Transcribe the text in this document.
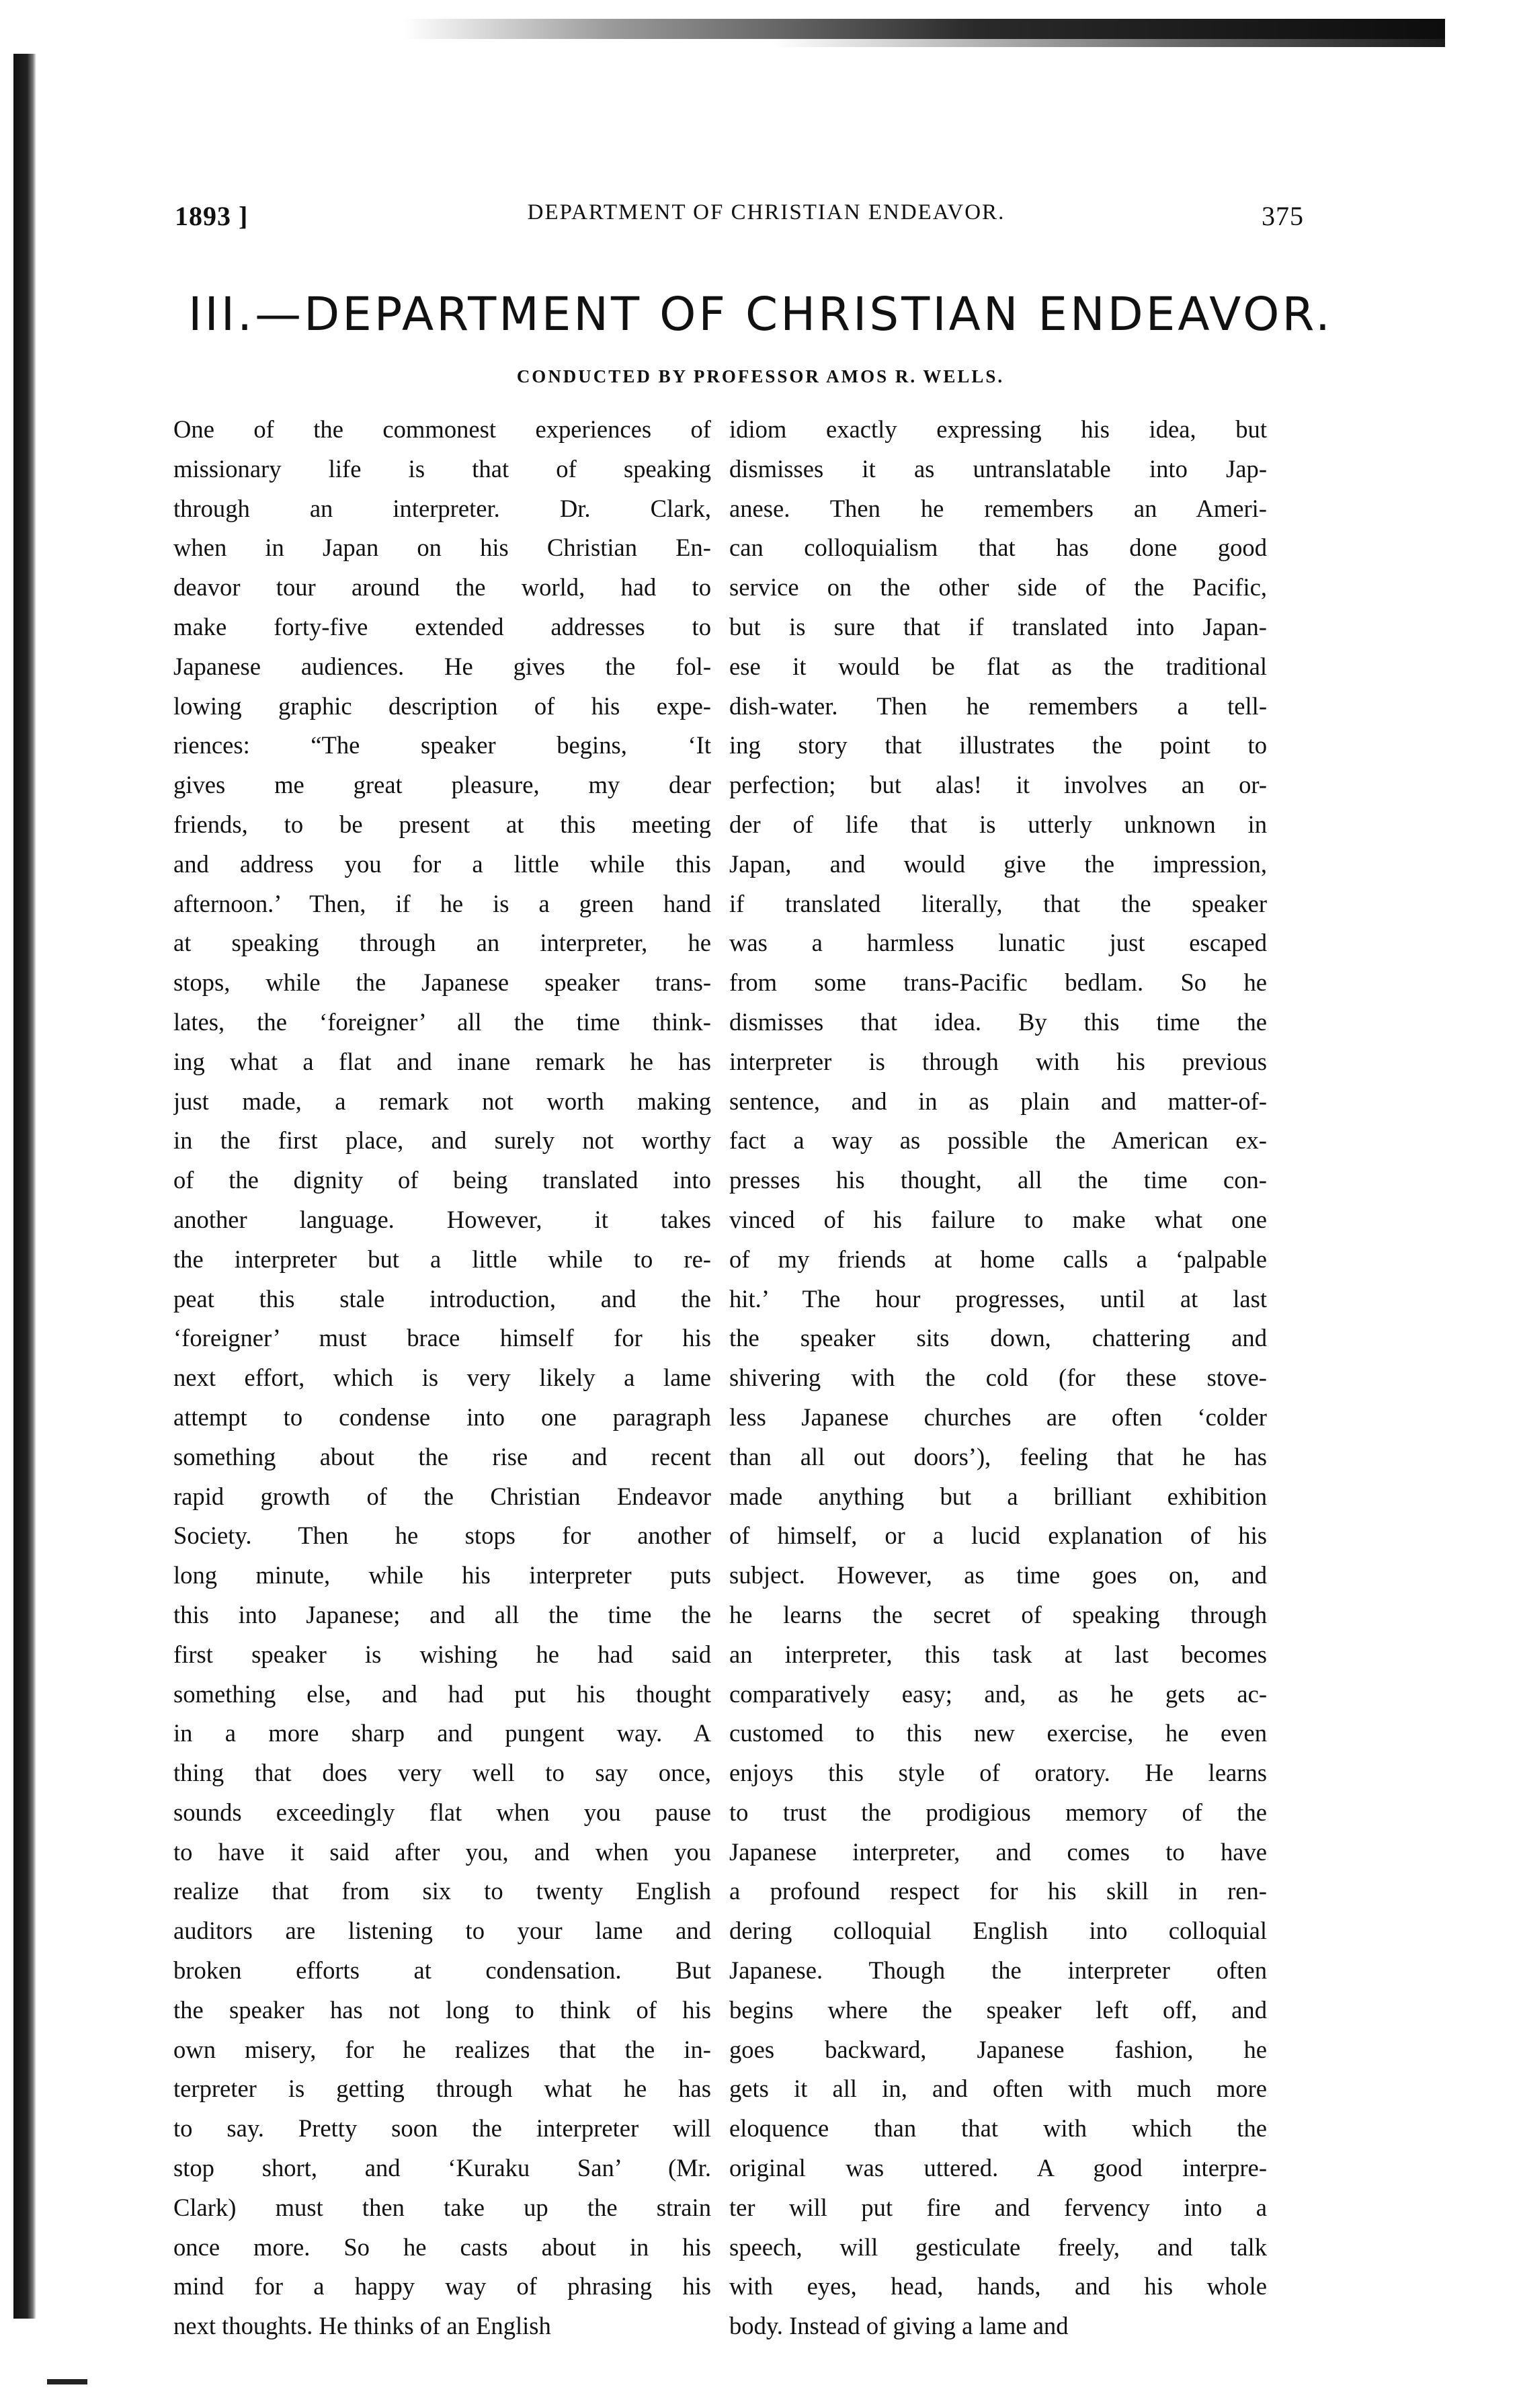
1893 ]	DEPARTMENT OF CHRISTIAN ENDEAVOR.	375
III.—DEPARTMENT OF CHRISTIAN ENDEAVOR.
CONDUCTED BY PROFESSOR AMOS R. WELLS.
One of the commonest experiences of
missionary life is that of speaking
through an interpreter. Dr. Clark,
when in Japan on his Christian En-
deavor tour around the world, had to
make forty-five extended addresses to
Japanese audiences. He gives the fol-
lowing graphic description of his expe-
riences: “The speaker begins, ‘It
gives me great pleasure, my dear
friends, to be present at this meeting
and address you for a little while this
afternoon.’ Then, if he is a green hand
at speaking through an interpreter, he
stops, while the Japanese speaker trans-
lates, the ‘foreigner’ all the time think-
ing what a flat and inane remark he has
just made, a remark not worth making
in the first place, and surely not worthy
of the dignity of being translated into
another language. However, it takes
the interpreter but a little while to re-
peat this stale introduction, and the
‘foreigner’ must brace himself for his
next effort, which is very likely a lame
attempt to condense into one paragraph
something about the rise and recent
rapid growth of the Christian Endeavor
Society. Then he stops for another
long minute, while his interpreter puts
this into Japanese; and all the time the
first speaker is wishing he had said
something else, and had put his thought
in a more sharp and pungent way. A
thing that does very well to say once,
sounds exceedingly flat when you pause
to have it said after you, and when you
realize that from six to twenty English
auditors are listening to your lame and
broken efforts at condensation. But
the speaker has not long to think of his
own misery, for he realizes that the in-
terpreter is getting through what he has
to say. Pretty soon the interpreter will
stop short, and ‘Kuraku San’ (Mr.
Clark) must then take up the strain
once more. So he casts about in his
mind for a happy way of phrasing his
next thoughts. He thinks of an English
idiom exactly expressing his idea, but
dismisses it as untranslatable into Jap-
anese. Then he remembers an Ameri-
can colloquialism that has done good
service on the other side of the Pacific,
but is sure that if translated into Japan-
ese it would be flat as the traditional
dish-water. Then he remembers a tell-
ing story that illustrates the point to
perfection; but alas! it involves an or-
der of life that is utterly unknown in
Japan, and would give the impression,
if translated literally, that the speaker
was a harmless lunatic just escaped
from some trans-Pacific bedlam. So he
dismisses that idea. By this time the
interpreter is through with his previous
sentence, and in as plain and matter-of-
fact a way as possible the American ex-
presses his thought, all the time con-
vinced of his failure to make what one
of my friends at home calls a ‘palpable
hit.’ The hour progresses, until at last
the speaker sits down, chattering and
shivering with the cold (for these stove-
less Japanese churches are often ‘colder
than all out doors’), feeling that he has
made anything but a brilliant exhibition
of himself, or a lucid explanation of his
subject. However, as time goes on, and
he learns the secret of speaking through
an interpreter, this task at last becomes
comparatively easy; and, as he gets ac-
customed to this new exercise, he even
enjoys this style of oratory. He learns
to trust the prodigious memory of the
Japanese interpreter, and comes to have
a profound respect for his skill in ren-
dering colloquial English into colloquial
Japanese. Though the interpreter often
begins where the speaker left off, and
goes backward, Japanese fashion, he
gets it all in, and often with much more
eloquence than that with which the
original was uttered. A good interpre-
ter will put fire and fervency into a
speech, will gesticulate freely, and talk
with eyes, head, hands, and his whole
body. Instead of giving a lame and
